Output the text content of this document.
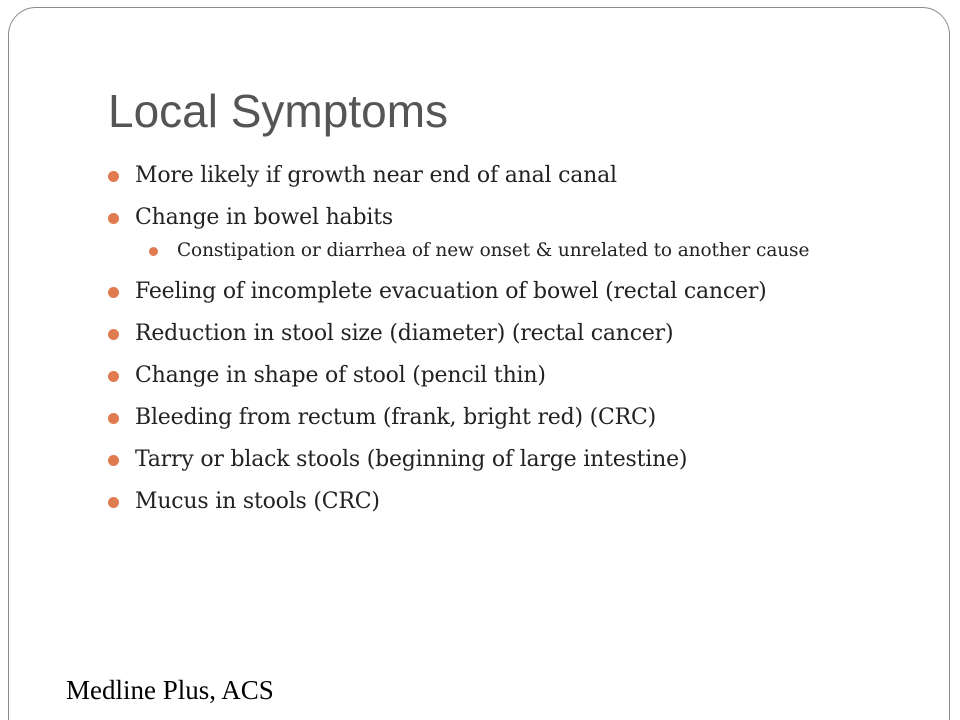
Local Symptoms
More likely if growth near end of anal canal
Change in bowel habits
Constipation or diarrhea of new onset & unrelated to another cause
Feeling of incomplete evacuation of bowel (rectal cancer)
Reduction in stool size (diameter) (rectal cancer)
Change in shape of stool (pencil thin)
Bleeding from rectum (frank, bright red) (CRC)
Tarry or black stools (beginning of large intestine)
Mucus in stools (CRC)
Medline Plus, ACS
